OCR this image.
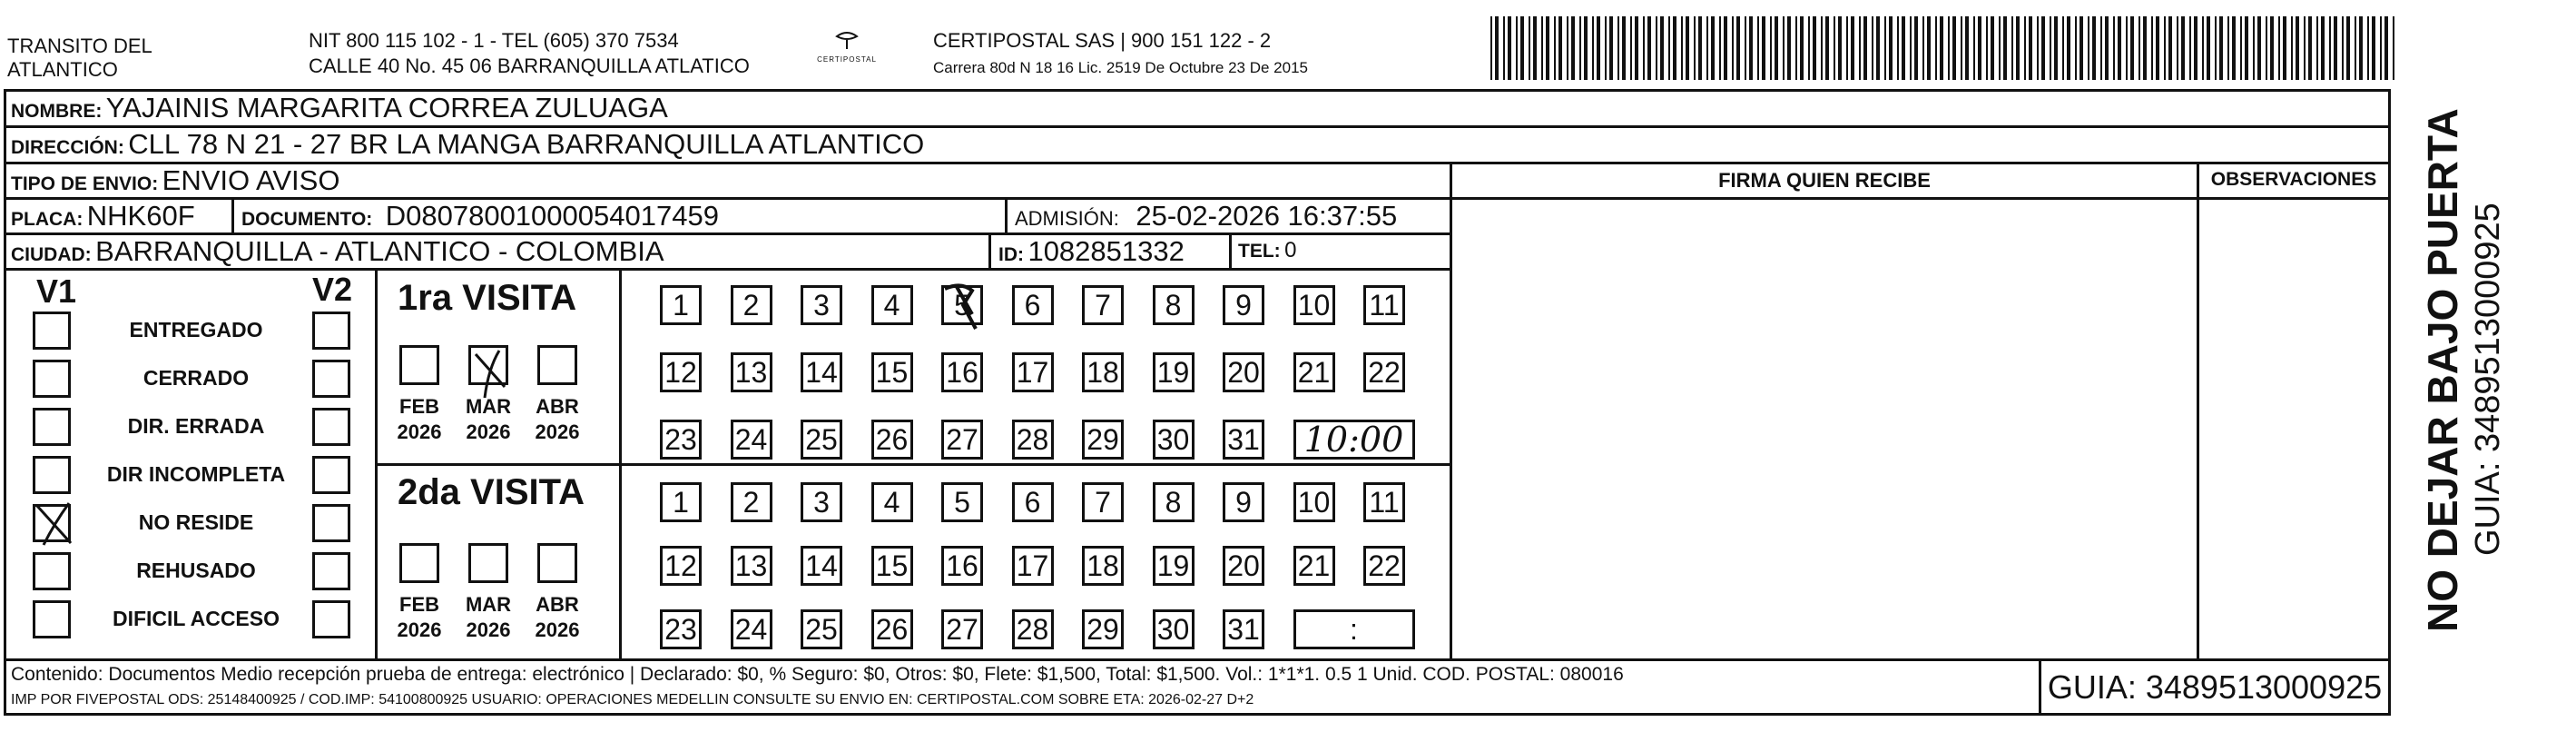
TRANSITO DEL
ATLANTICO
NIT 800 115 102 - 1 - TEL (605) 370 7534
CALLE 40 No. 45 06 BARRANQUILLA ATLATICO	CERTIPOSTAL
CERTIPOSTAL SAS | 900 151 122 - 2
Carrera 80d N 18 16 Lic. 2519 De Octubre 23 De 2015
NOMBRE: YAJAINIS MARGARITA CORREA ZULUAGA
DIRECCIÓN: CLL 78 N 21 - 27 BR LA MANGA BARRANQUILLA ATLANTICO
TIPO DE ENVIO: ENVIO AVISO	FIRMA QUIEN RECIBE	OBSERVACIONES
PLACA: NHK60F DOCUMENTO: D08078001000054017459	ADMISIÓN: 25-02-2026 16:37:55
CIUDAD: BARRANQUILLA - ATLANTICO - COLOMBIA	ID: 1082851332	TEL: 0
V1	V2
ENTREGADO
CERRADO
DIR. ERRADA
DIR INCOMPLETA
NO RESIDE
REHUSADO
DIFICIL ACCESO
1ra VISITA
2da VISITA
FEB
2026
MAR
2026
ABR
2026
FEB
2026
MAR
2026
ABR
2026
1	2	3	4	5	6	7	8	9	10 11
12 13 14 15 16 17 18 19 20 21 22
23 24 25 26 27 28 29 30 31	10:00
1	2	3	4	5	6	7	8	9	10 11
12 13 14 15 16 17 18 19 20 21 22
23 24 25 26 27 28 29 30 31	:
Contenido: Documentos Medio recepción prueba de entrega: electrónico | Declarado: $0, % Seguro: $0, Otros: $0, Flete: $1,500, Total: $1,500. Vol.: 1*1*1. 0.5 1 Unid. COD. POSTAL: 080016
IMP POR FIVEPOSTAL ODS: 25148400925 / COD.IMP: 54100800925 USUARIO: OPERACIONES MEDELLIN CONSULTE SU ENVIO EN: CERTIPOSTAL.COM SOBRE ETA: 2026-02-27 D+2	GUIA: 3489513000925
NO DEJAR BAJO PUERTA GUIA: 3489513000925
